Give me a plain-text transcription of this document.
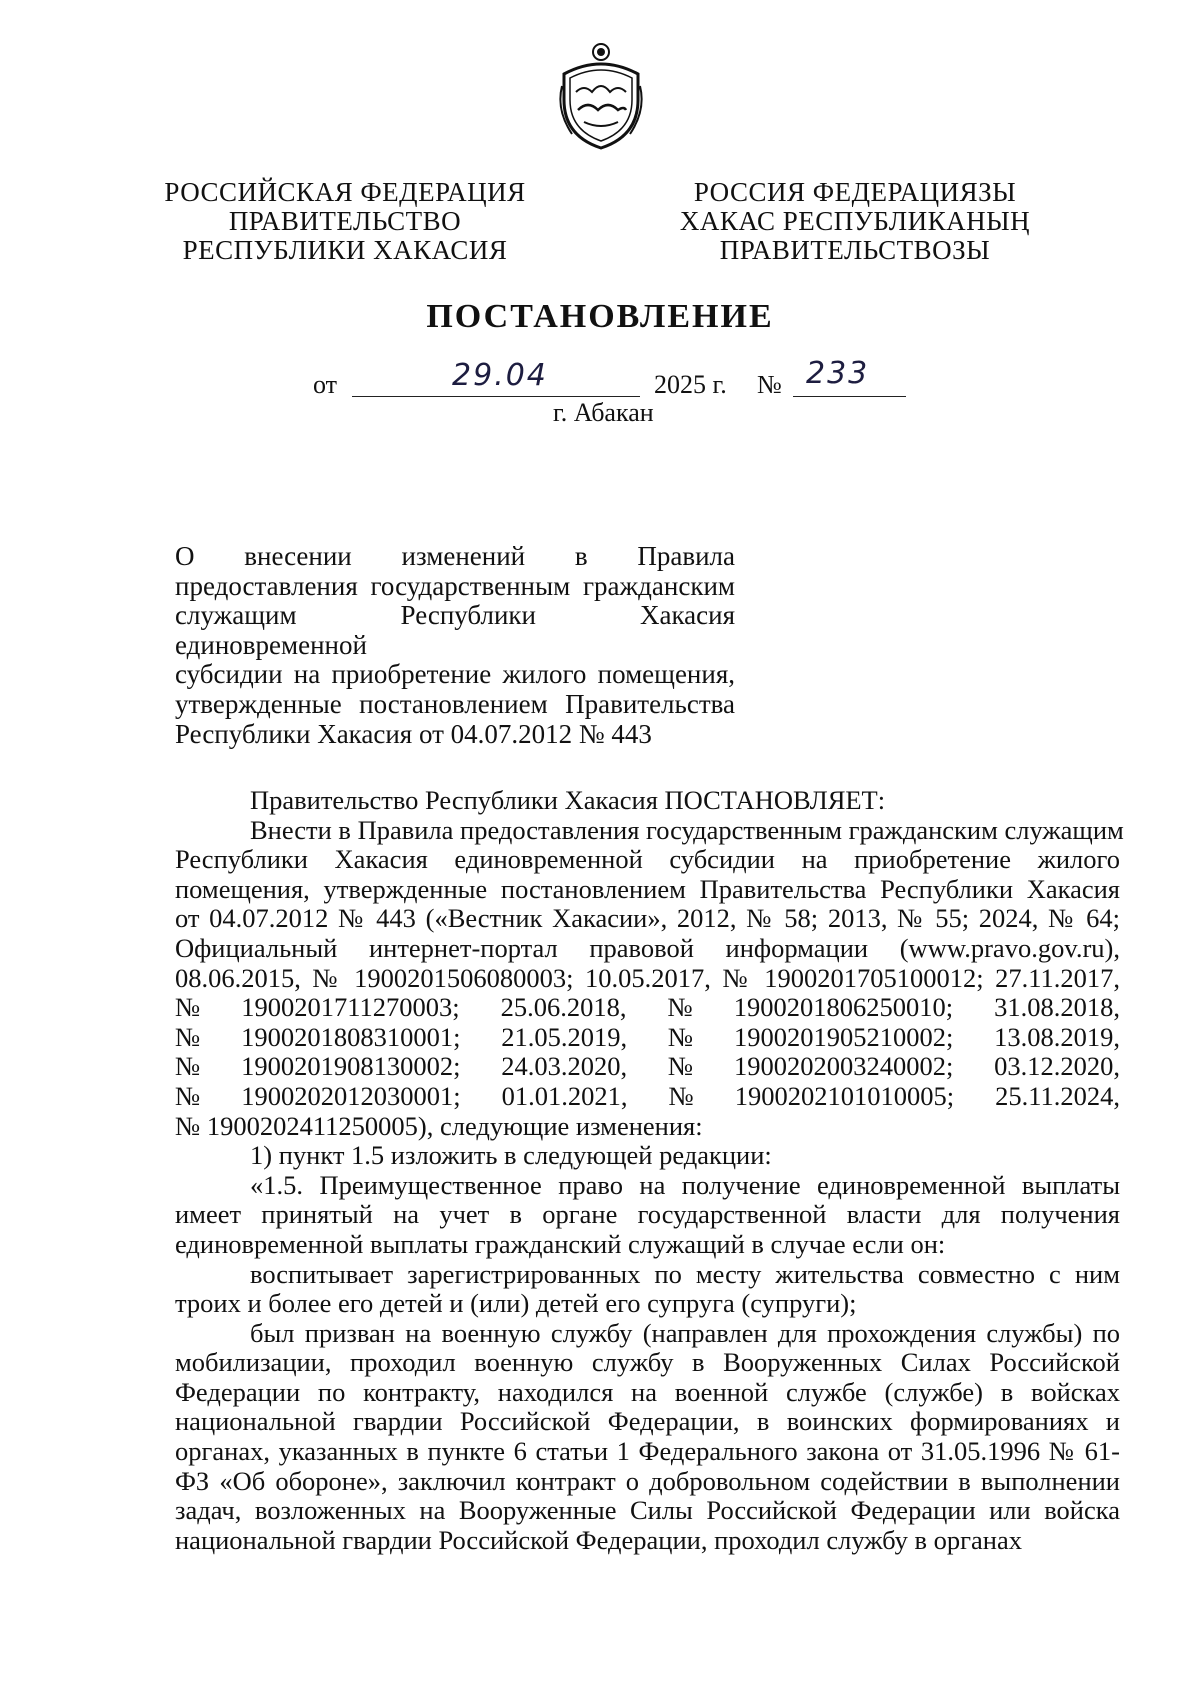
РОССИЙСКАЯ ФЕДЕРАЦИЯ
ПРАВИТЕЛЬСТВО
РЕСПУБЛИКИ ХАКАСИЯ
РОССИЯ ФЕДЕРАЦИЯЗЫ
ХАКАС РЕСПУБЛИКАНЫҢ
ПРАВИТЕЛЬСТВОЗЫ
ПОСТАНОВЛЕНИЕ
от	29.04	2025 г. № 233
г. Абакан
О внесении изменений в Правила
предоставления государственным гражданским
служащим Республики Хакасия единовременной
субсидии на приобретение жилого помещения,
утвержденные постановлением Правительства
Республики Хакасия от 04.07.2012 № 443

Правительство Республики Хакасия ПОСТАНОВЛЯЕТ:

Внести в Правила предоставления государственным гражданским служащим
Республики Хакасия единовременной субсидии на приобретение жилого
помещения, утвержденные постановлением Правительства Республики Хакасия
от 04.07.2012 № 443 («Вестник Хакасии», 2012, № 58; 2013, № 55; 2024, № 64;
Официальный интернет-портал правовой информации (www.pravo.gov.ru),
08.06.2015, № 1900201506080003; 10.05.2017, № 1900201705100012; 27.11.2017,
№ 1900201711270003; 25.06.2018, № 1900201806250010; 31.08.2018,
№ 1900201808310001; 21.05.2019, № 1900201905210002; 13.08.2019,
№ 1900201908130002; 24.03.2020, № 1900202003240002; 03.12.2020,
№ 1900202012030001; 01.01.2021, № 1900202101010005; 25.11.2024,
№ 1900202411250005), следующие изменения:

1) пункт 1.5 изложить в следующей редакции:

«1.5. Преимущественное право на получение единовременной выплаты имеет принятый на учет в органе государственной власти для получения единовременной выплаты гражданский служащий в случае если он:

воспитывает зарегистрированных по месту жительства совместно с ним троих и более его детей и (или) детей его супруга (супруги);

был призван на военную службу (направлен для прохождения службы) по мобилизации, проходил военную службу в Вооруженных Силах Российской Федерации по контракту, находился на военной службе (службе) в войсках национальной гвардии Российской Федерации, в воинских формированиях и органах, указанных в пункте 6 статьи 1 Федерального закона от 31.05.1996 № 61-ФЗ «Об обороне», заключил контракт о добровольном содействии в выполнении задач, возложенных на Вооруженные Силы Российской Федерации или войска национальной гвардии Российской Федерации, проходил службу в органах
